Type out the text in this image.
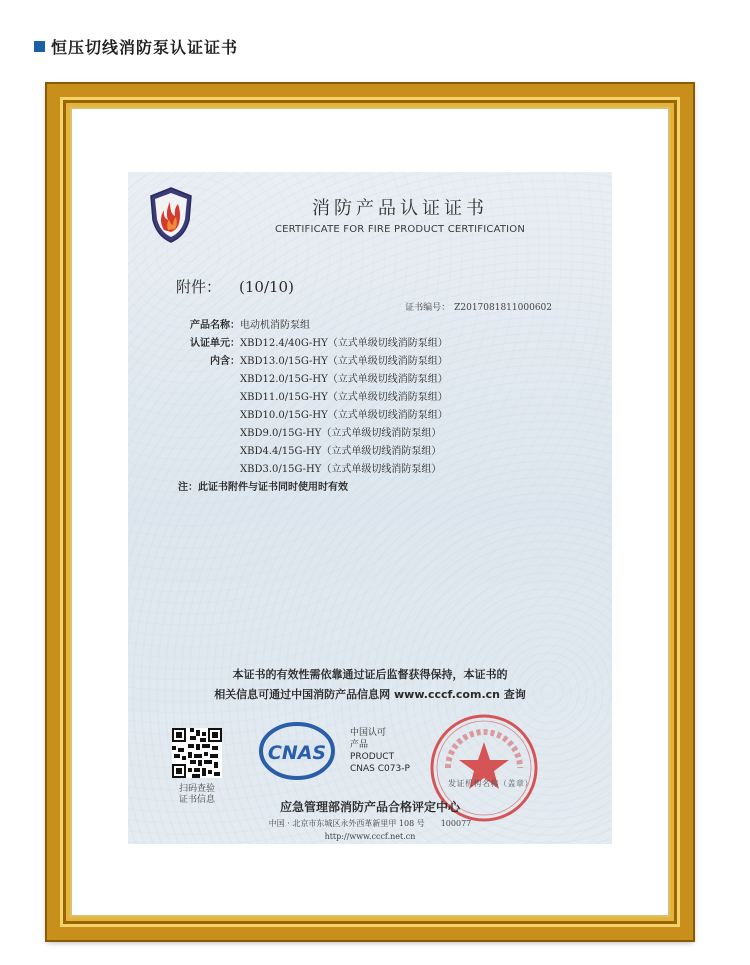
恒压切线消防泵认证证书
消防产品认证证书
CERTIFICATE FOR FIRE PRODUCT CERTIFICATION
附件： (10/10)
证书编号： Z2017081811000602
产品名称：电动机消防泵组
认证单元：XBD12.4/40G-HY（立式单级切线消防泵组）
内含：XBD13.0/15G-HY（立式单级切线消防泵组）
XBD12.0/15G-HY（立式单级切线消防泵组）
XBD11.0/15G-HY（立式单级切线消防泵组）
XBD10.0/15G-HY（立式单级切线消防泵组）
XBD9.0/15G-HY（立式单级切线消防泵组）
XBD4.4/15G-HY（立式单级切线消防泵组）
XBD3.0/15G-HY（立式单级切线消防泵组）
注：此证书附件与证书同时使用时有效
本证书的有效性需依靠通过证后监督获得保持，本证书的
相关信息可通过中国消防产品信息网 www.cccf.com.cn 查询
扫码查验
证书信息
CNAS
中国认可
产品
PRODUCT
CNAS C073-P
发证机构名称（盖章）
应急管理部消防产品合格评定中心
中国 · 北京市东城区永外西革新里甲 108 号　　100077
http://www.cccf.net.cn
